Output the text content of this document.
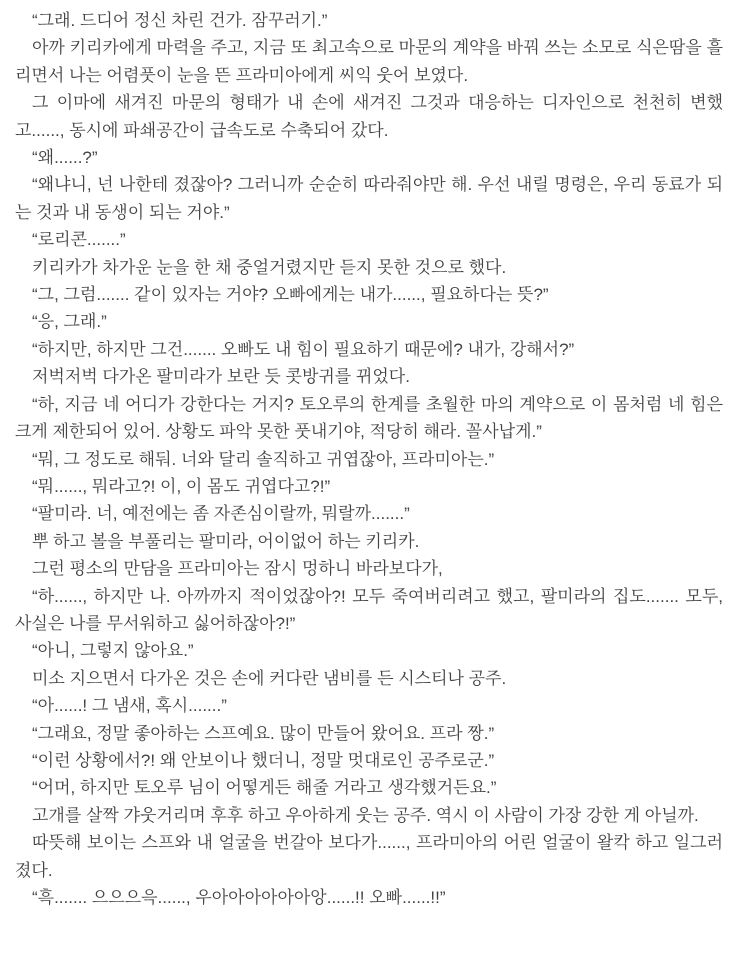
“그래. 드디어 정신 차린 건가. 잠꾸러기.”

아까 키리카에게 마력을 주고, 지금 또 최고속으로 마문의 계약을 바꿔 쓰는 소모로 식은땀을 흘리면서 나는 어렴풋이 눈을 뜬 프라미아에게 씨익 웃어 보였다.

그 이마에 새겨진 마문의 형태가 내 손에 새겨진 그것과 대응하는 디자인으로 천천히 변했고......, 동시에 파쇄공간이 급속도로 수축되어 갔다.

“왜......?”

“왜냐니, 넌 나한테 졌잖아? 그러니까 순순히 따라줘야만 해. 우선 내릴 명령은, 우리 동료가 되는 것과 내 동생이 되는 거야.”

“로리콘.......”

키리카가 차가운 눈을 한 채 중얼거렸지만 듣지 못한 것으로 했다.

“그, 그럼....... 같이 있자는 거야? 오빠에게는 내가......, 필요하다는 뜻?”

“응, 그래.”

“하지만, 하지만 그건....... 오빠도 내 힘이 필요하기 때문에? 내가, 강해서?”

저벅저벅 다가온 팔미라가 보란 듯 콧방귀를 뀌었다.

“하, 지금 네 어디가 강한다는 거지? 토오루의 한계를 초월한 마의 계약으로 이 몸처럼 네 힘은 크게 제한되어 있어. 상황도 파악 못한 풋내기야, 적당히 해라. 꼴사납게.”

“뭐, 그 정도로 해둬. 너와 달리 솔직하고 귀엽잖아, 프라미아는.”

“뭐......, 뭐라고?! 이, 이 몸도 귀엽다고?!”

“팔미라. 너, 예전에는 좀 자존심이랄까, 뭐랄까.......”

뿌 하고 볼을 부풀리는 팔미라, 어이없어 하는 키리카.

그런 평소의 만담을 프라미아는 잠시 멍하니 바라보다가,

“하......, 하지만 나. 아까까지 적이었잖아?! 모두 죽여버리려고 했고, 팔미라의 집도....... 모두, 사실은 나를 무서워하고 싫어하잖아?!”

“아니, 그렇지 않아요.”

미소 지으면서 다가온 것은 손에 커다란 냄비를 든 시스티나 공주.

“아......! 그 냄새, 혹시.......”

“그래요, 정말 좋아하는 스프예요. 많이 만들어 왔어요. 프라 짱.”

“이런 상황에서?! 왜 안보이나 했더니, 정말 멋대로인 공주로군.”

“어머, 하지만 토오루 님이 어떻게든 해줄 거라고 생각했거든요.”

고개를 살짝 갸웃거리며 후후 하고 우아하게 웃는 공주. 역시 이 사람이 가장 강한 게 아닐까.

따뜻해 보이는 스프와 내 얼굴을 번갈아 보다가......, 프라미아의 어린 얼굴이 왈칵 하고 일그러졌다.

“흑....... 으으으윽......, 우아아아아아아앙......!! 오빠......!!”
